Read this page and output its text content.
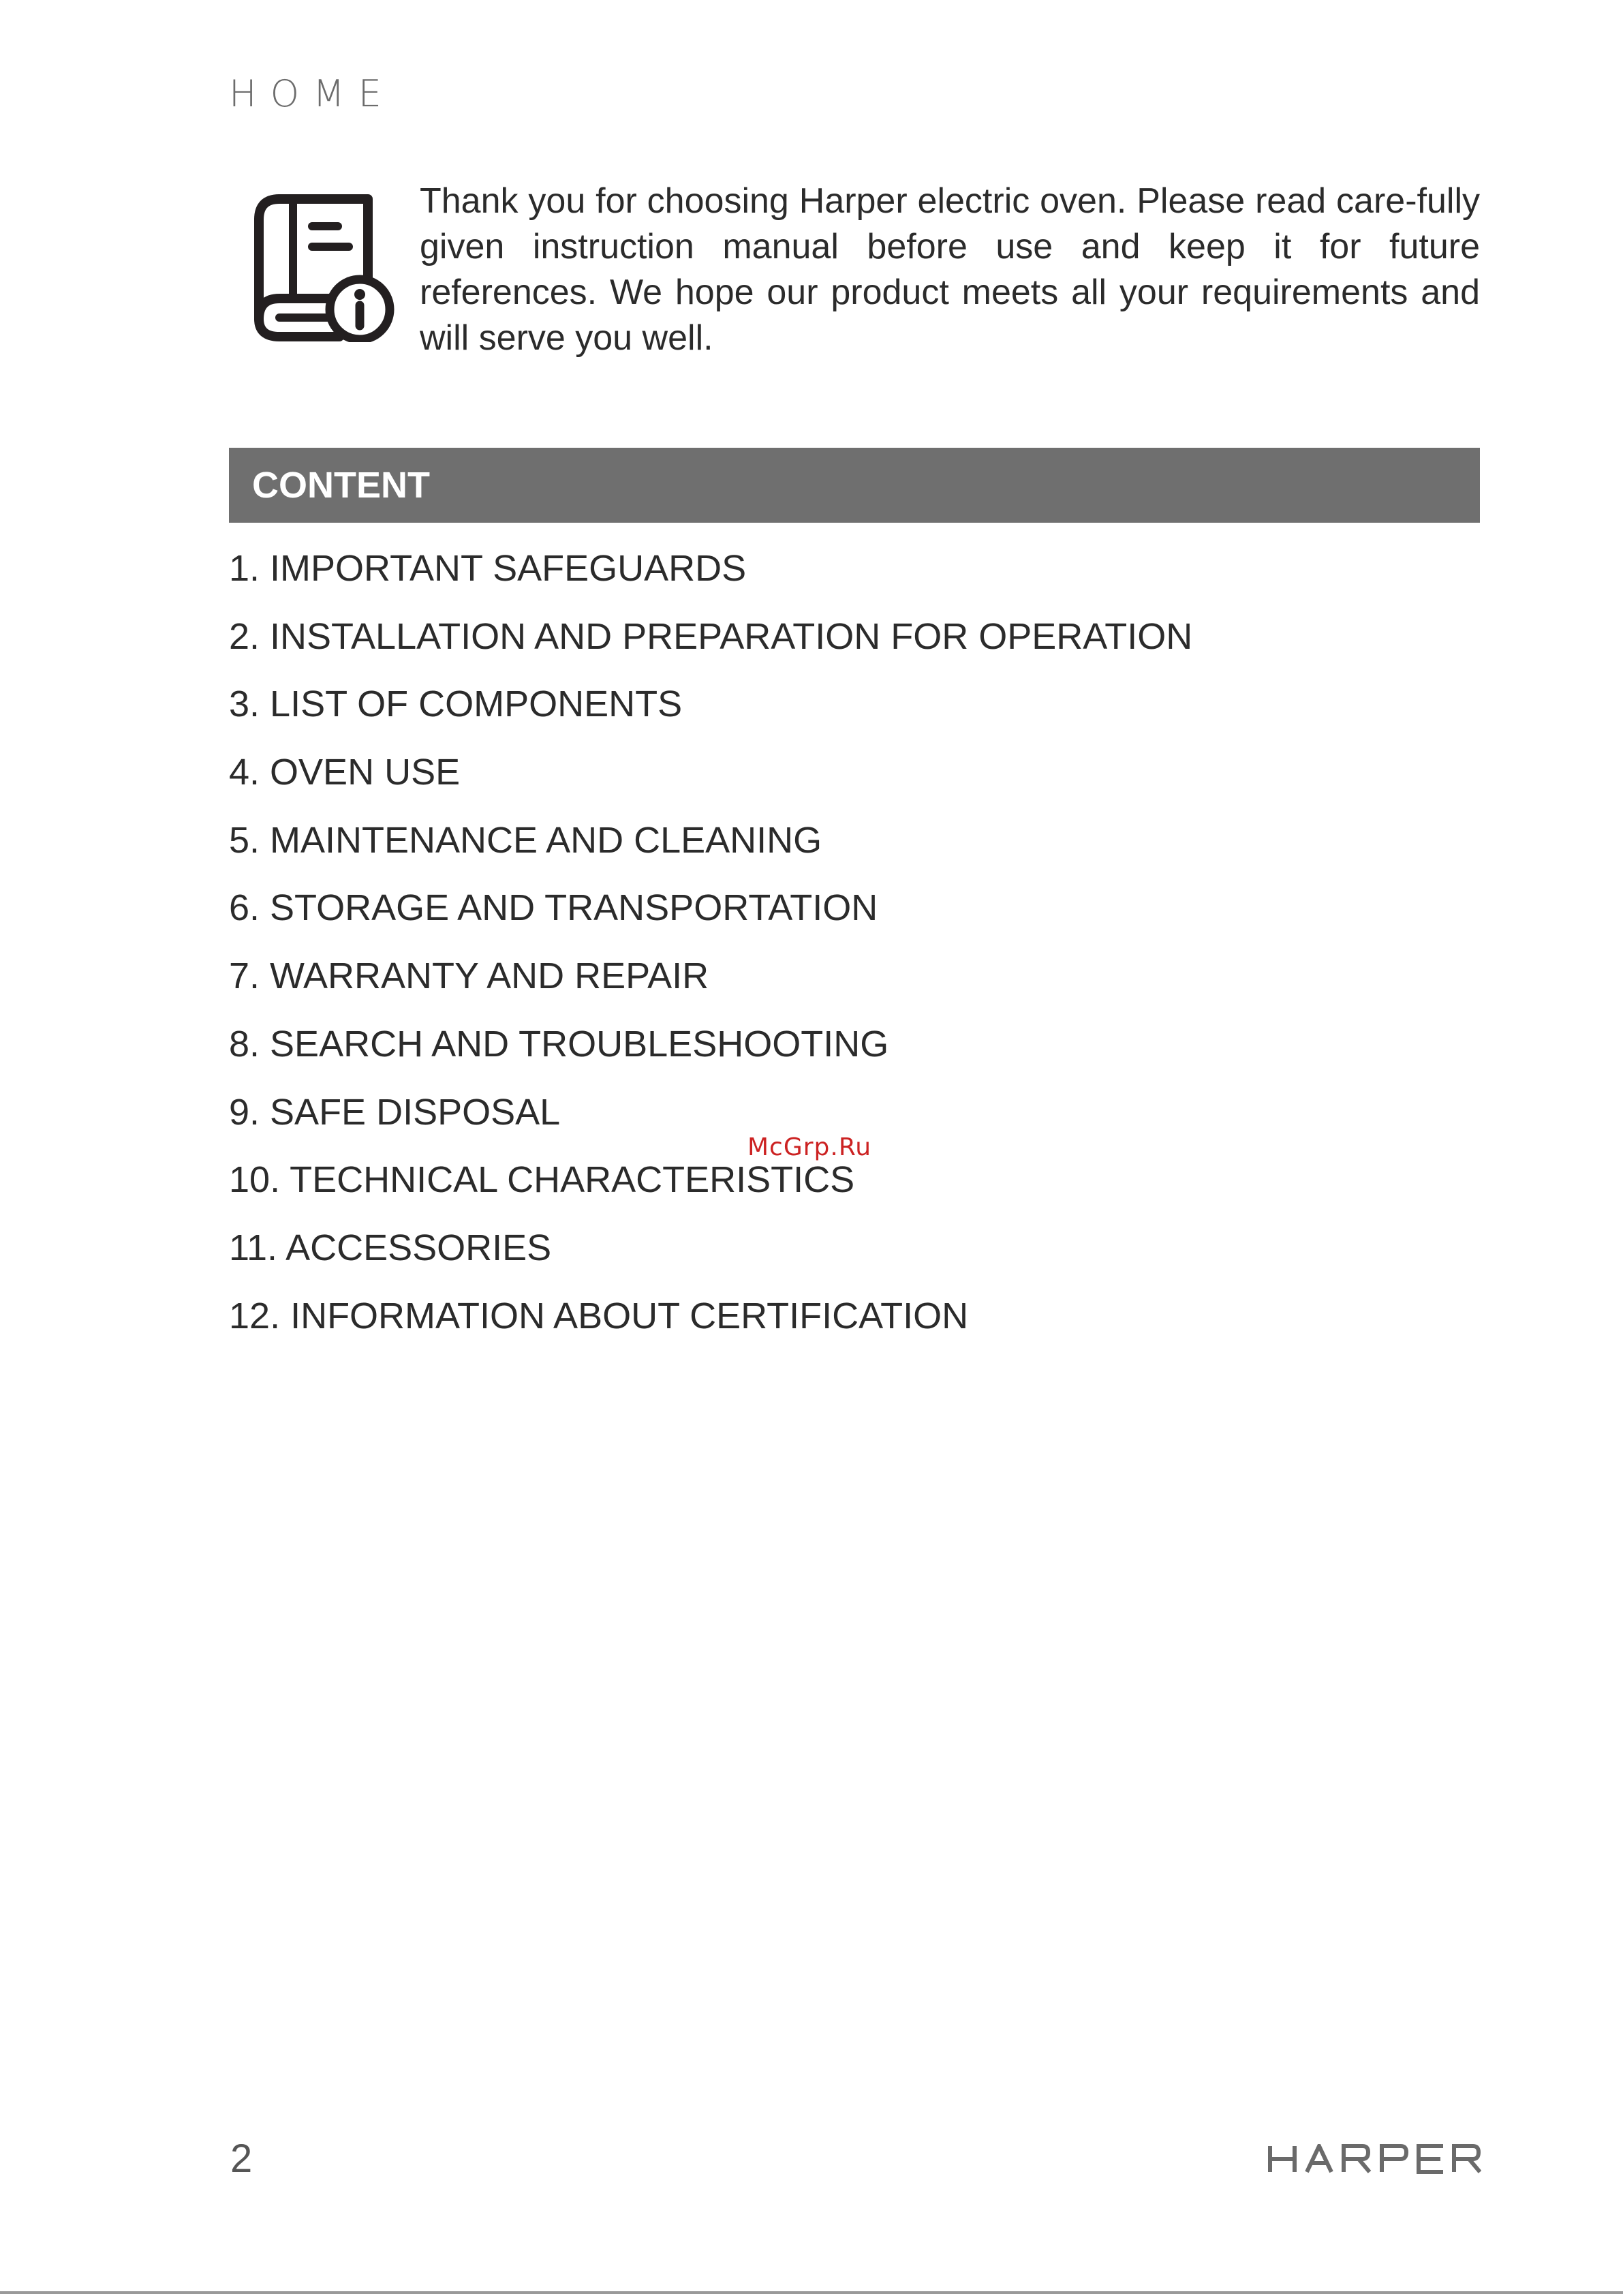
HOME

Thank you for choosing Harper electric oven. Please read care-fully given instruction manual before use and keep it for future references. We hope our product meets all your requirements and will serve you well.

CONTENT
1. IMPORTANT SAFEGUARDS
2. INSTALLATION AND PREPARATION FOR OPERATION
3. LIST OF COMPONENTS
4. OVEN USE
5. MAINTENANCE AND CLEANING
6. STORAGE AND TRANSPORTATION
7. WARRANTY AND REPAIR
8. SEARCH AND TROUBLESHOOTING
9. SAFE DISPOSAL
10. TECHNICAL CHARACTERISTICS
11. ACCESSORIES
12. INFORMATION ABOUT CERTIFICATION
McGrp.Ru
2	HARPER
